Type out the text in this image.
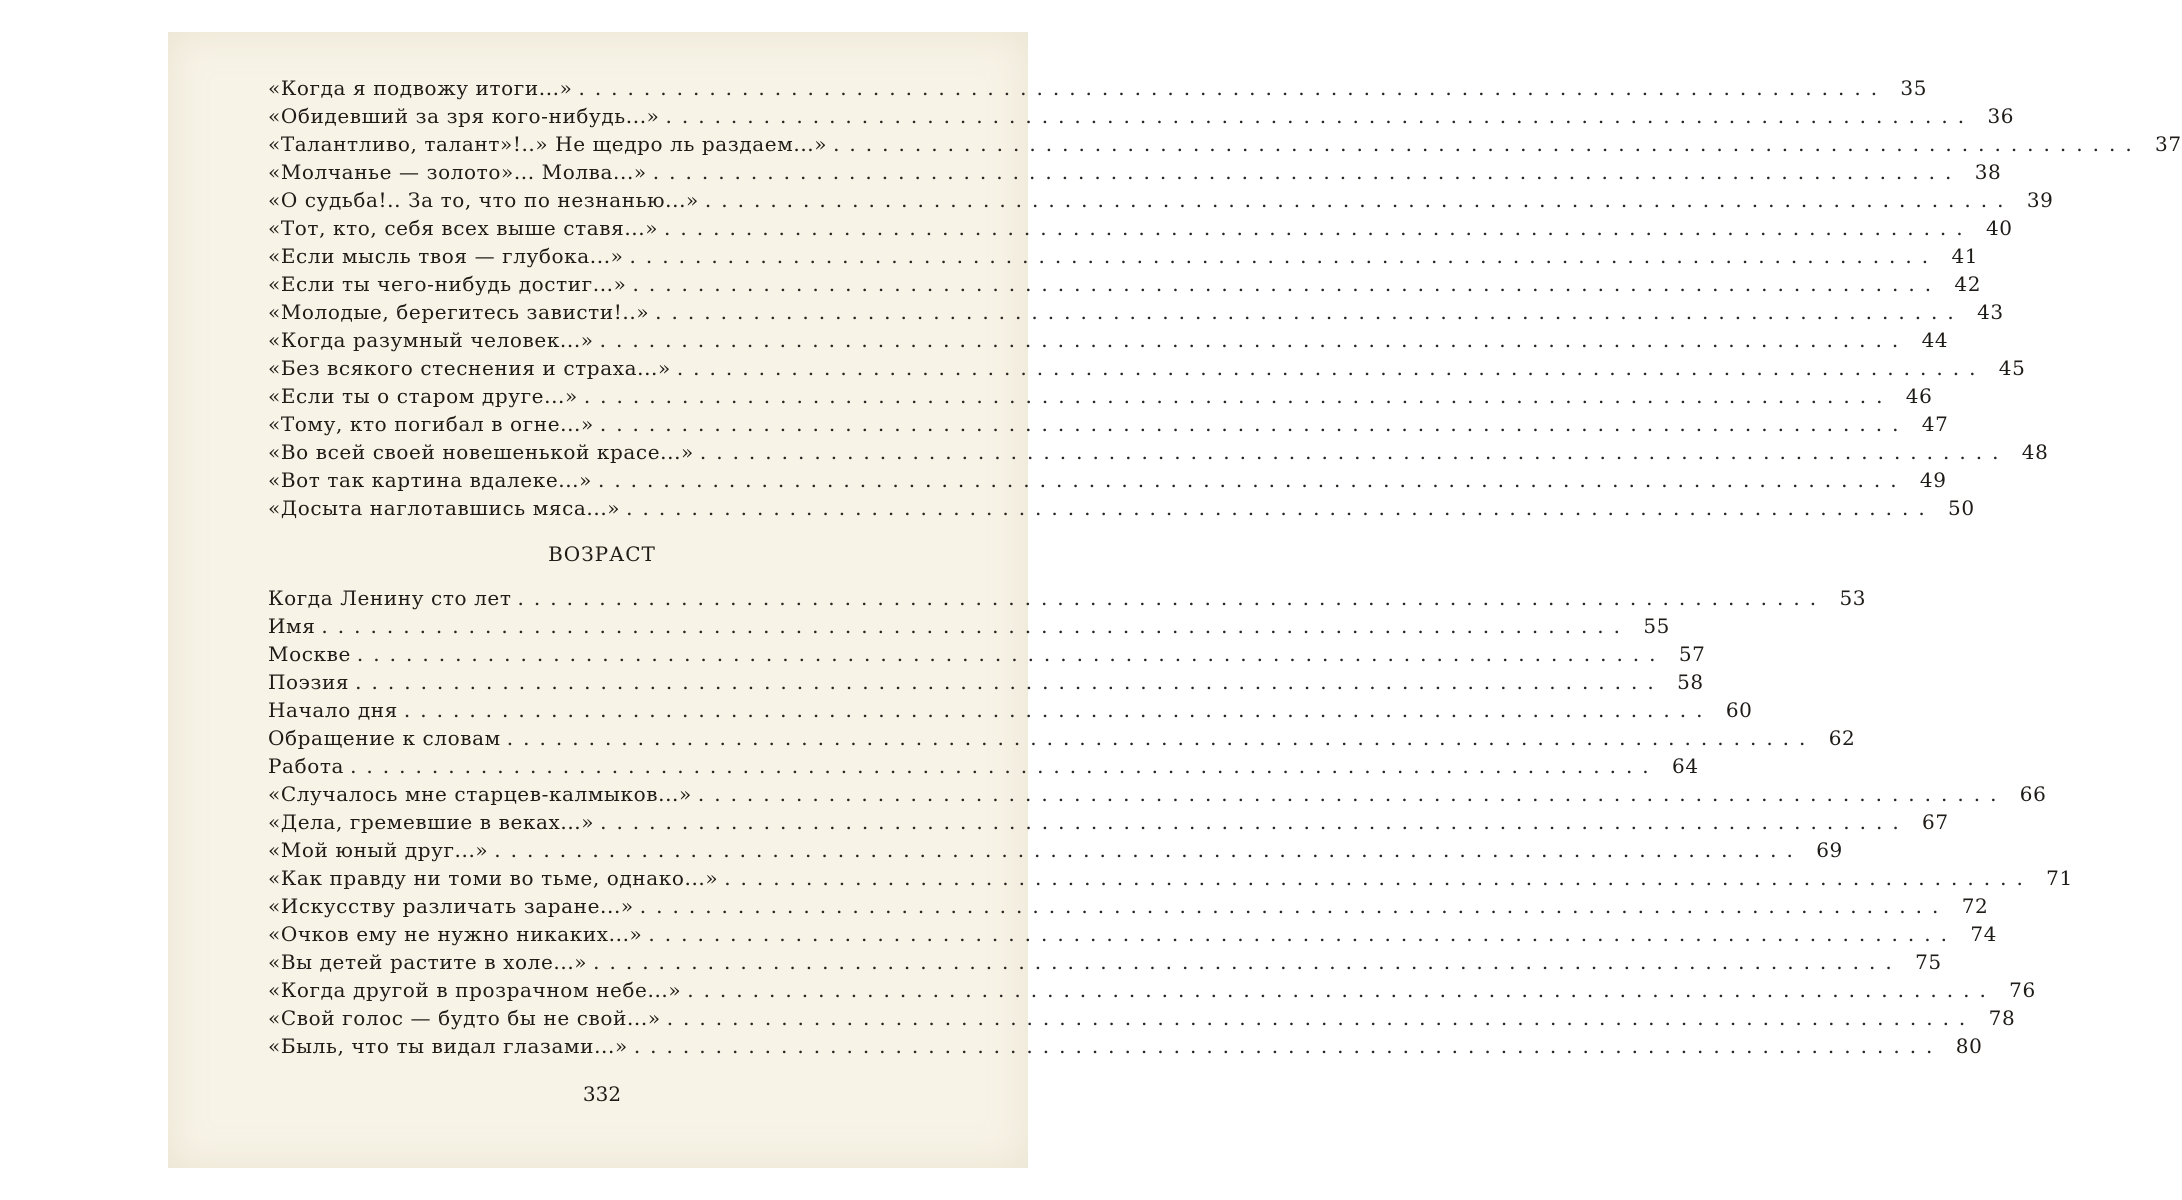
«Когда я подвожу итоги...» ................................................................................ 35
«Обидевший за зря кого-нибудь...» ................................................................................ 36
«Талантливо, талант»!..» Не щедро ль раздаем...» ................................................................................ 37
«Молчанье — золото»... Молва...» ................................................................................ 38
«О судьба!.. За то, что по незнанью...» ................................................................................ 39
«Тот, кто, себя всех выше ставя...» ................................................................................ 40
«Если мысль твоя — глубока...» ................................................................................ 41
«Если ты чего-нибудь достиг...» ................................................................................ 42
«Молодые, берегитесь зависти!..» ................................................................................ 43
«Когда разумный человек...» ................................................................................ 44
«Без всякого стеснения и страха...» ................................................................................ 45
«Если ты о старом друге...» ................................................................................ 46
«Тому, кто погибал в огне...» ................................................................................ 47
«Во всей своей новешенькой красе...» ................................................................................ 48
«Вот так картина вдалеке...» ................................................................................ 49
«Досыта наглотавшись мяса...» ................................................................................ 50
ВОЗРАСТ
Когда Ленину сто лет ................................................................................ 53
Имя ................................................................................ 55
Москве ................................................................................ 57
Поэзия ................................................................................ 58
Начало дня ................................................................................ 60
Обращение к словам ................................................................................ 62
Работа ................................................................................ 64
«Случалось мне старцев-калмыков...» ................................................................................ 66
«Дела, гремевшие в веках...» ................................................................................ 67
«Мой юный друг...» ................................................................................ 69
«Как правду ни томи во тьме, однако...» ................................................................................ 71
«Искусству различать заране...» ................................................................................ 72
«Очков ему не нужно никаких...» ................................................................................ 74
«Вы детей растите в холе...» ................................................................................ 75
«Когда другой в прозрачном небе...» ................................................................................ 76
«Свой голос — будто бы не свой...» ................................................................................ 78
«Быль, что ты видал глазами...» ................................................................................ 80
332
